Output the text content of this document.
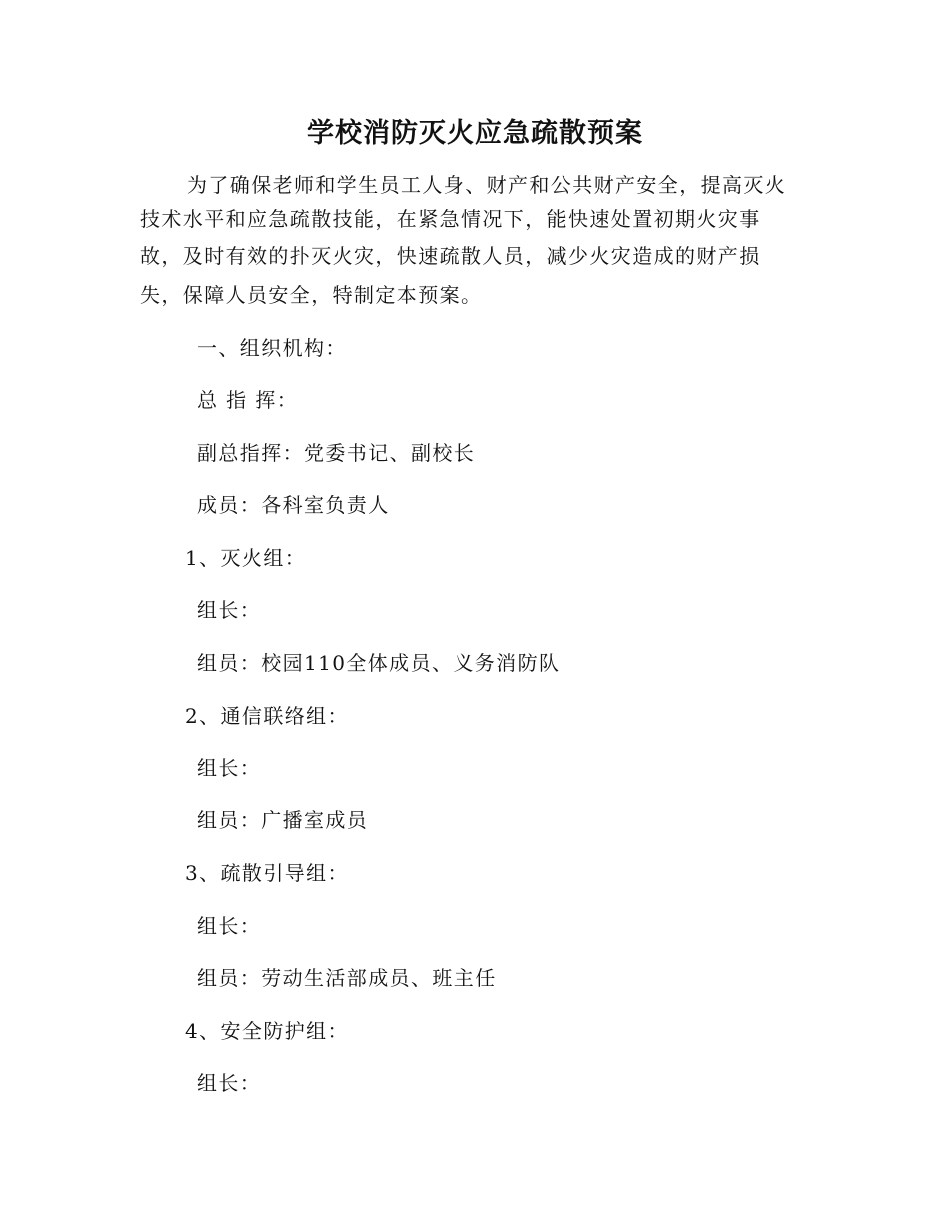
学校消防灭火应急疏散预案
为了确保老师和学生员工人身、财产和公共财产安全，提高灭火
技术水平和应急疏散技能，在紧急情况下，能快速处置初期火灾事
故，及时有效的扑灭火灾，快速疏散人员，减少火灾造成的财产损
失，保障人员安全，特制定本预案。
一、组织机构：
总 指 挥：
副总指挥：党委书记、副校长
成员：各科室负责人
1、灭火组：
组长：
组员：校园110全体成员、义务消防队
2、通信联络组：
组长：
组员：广播室成员
3、疏散引导组：
组长：
组员：劳动生活部成员、班主任
4、安全防护组：
组长：
